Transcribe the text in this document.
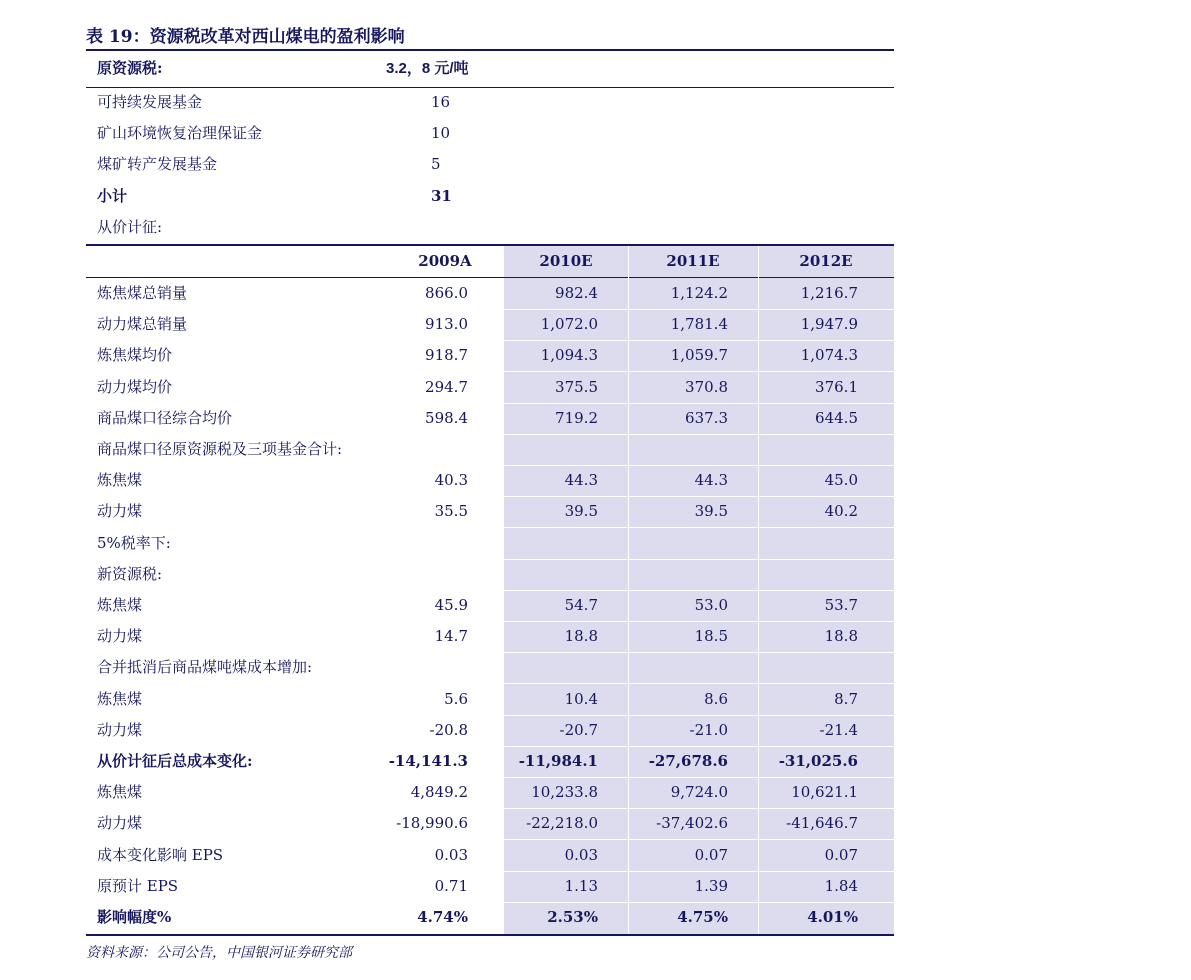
表 19：资源税改革对西山煤电的盈利影响
原资源税:	3.2，8 元/吨
可持续发展基金	16
矿山环境恢复治理保证金	10
煤矿转产发展基金	5
小计	31
从价计征:
2009A	2010E	2011E	2012E
炼焦煤总销量	866.0	982.4	1,124.2	1,216.7
动力煤总销量	913.0	1,072.0	1,781.4	1,947.9
炼焦煤均价	918.7	1,094.3	1,059.7	1,074.3
动力煤均价	294.7	375.5	370.8	376.1
商品煤口径综合均价	598.4	719.2	637.3	644.5
商品煤口径原资源税及三项基金合计:
炼焦煤	40.3	44.3	44.3	45.0
动力煤	35.5	39.5	39.5	40.2
5%税率下:
新资源税:
炼焦煤	45.9	54.7	53.0	53.7
动力煤	14.7	18.8	18.5	18.8
合并抵消后商品煤吨煤成本增加:
炼焦煤	5.6	10.4	8.6	8.7
动力煤	-20.8	-20.7	-21.0	-21.4
从价计征后总成本变化:	-14,141.3	-11,984.1	-27,678.6	-31,025.6
炼焦煤	4,849.2	10,233.8	9,724.0	10,621.1
动力煤	-18,990.6	-22,218.0	-37,402.6	-41,646.7
成本变化影响 EPS	0.03	0.03	0.07	0.07
原预计 EPS	0.71	1.13	1.39	1.84
影响幅度%	4.74%	2.53%	4.75%	4.01%
资料来源：公司公告，中国银河证券研究部
